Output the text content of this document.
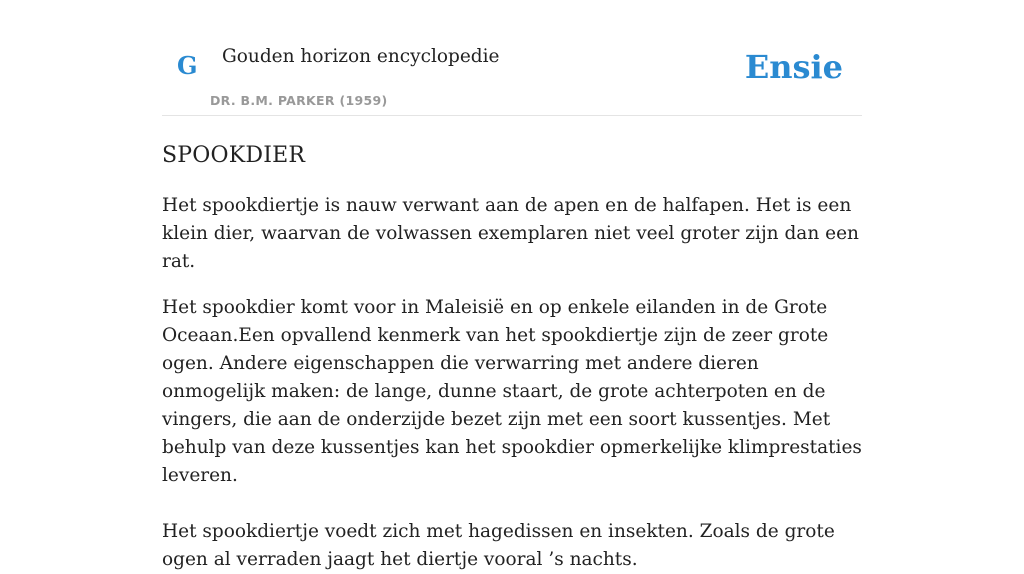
G Gouden horizon encyclopedie
DR. B.M. PARKER (1959)
Ensie
SPOOKDIER

Het spookdiertje is nauw verwant aan de apen en de halfapen. Het is een klein dier, waarvan de volwassen exemplaren niet veel groter zijn dan een rat.

Het spookdier komt voor in Maleisië en op enkele eilanden in de Grote Oceaan.Een opvallend kenmerk van het spookdiertje zijn de zeer grote ogen. Andere eigenschappen die verwarring met andere dieren onmogelijk maken: de lange, dunne staart, de grote achterpoten en de vingers, die aan de onderzijde bezet zijn met een soort kussentjes. Met behulp van deze kussentjes kan het spookdier opmerkelijke klimprestaties leveren.

Het spookdiertje voedt zich met hagedissen en insekten. Zoals de grote ogen al verraden jaagt het diertje vooral ’s nachts.
